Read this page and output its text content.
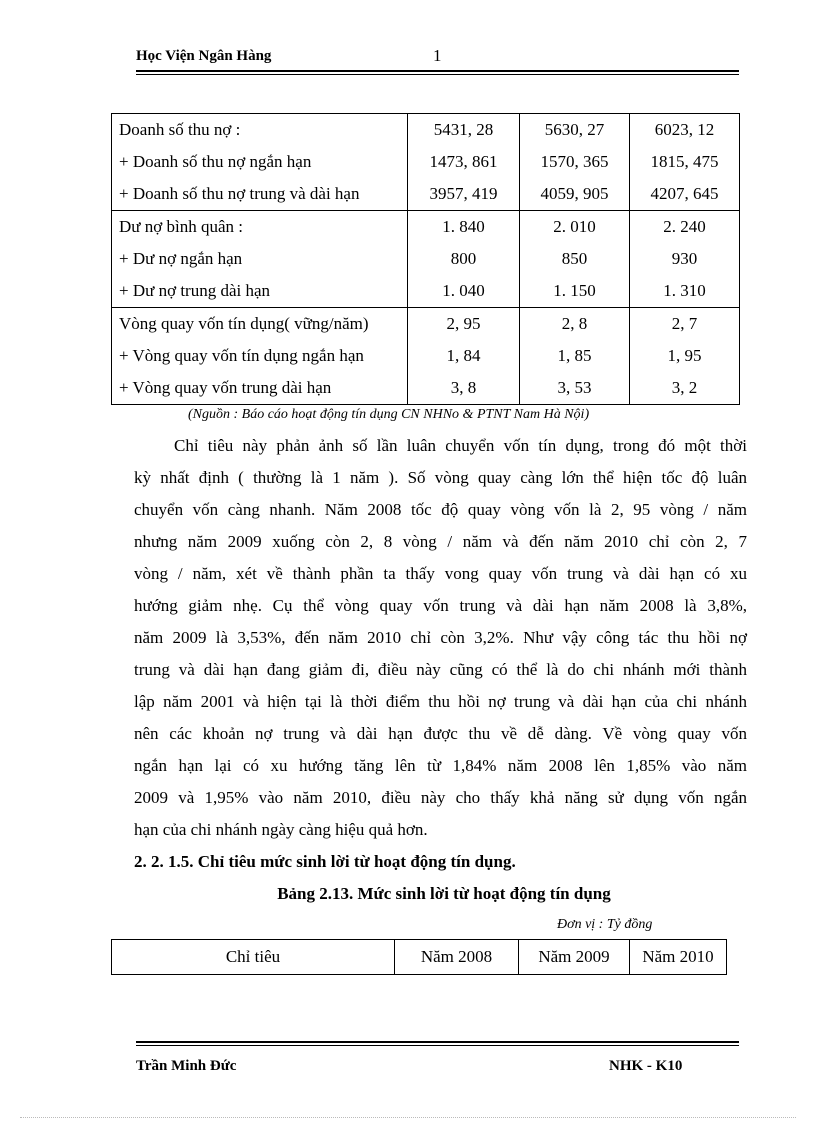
Học Viện Ngân Hàng	1
Doanh số thu nợ :	5431, 28	5630, 27	6023, 12
+ Doanh số thu nợ ngắn hạn	1473, 861	1570, 365	1815, 475
+ Doanh số thu nợ trung và dài hạn	3957, 419	4059, 905	4207, 645
Dư nợ bình quân :	1. 840	2. 010	2. 240
+ Dư nợ ngắn hạn	800	850	930
+ Dư nợ trung dài hạn	1. 040	1. 150	1. 310
Vòng quay vốn tín dụng( vững/năm)	2, 95	2, 8	2, 7
+ Vòng quay vốn tín dụng ngắn hạn	1, 84	1, 85	1, 95
+ Vòng quay vốn trung dài hạn	3, 8	3, 53	3, 2
(Nguồn : Báo cáo hoạt động tín dụng CN NHNo & PTNT Nam Hà Nội)
Chỉ tiêu này phản ảnh số lần luân chuyển vốn tín dụng, trong đó một thời
kỳ nhất định ( thường là 1 năm ). Số vòng quay càng lớn thể hiện tốc độ luân
chuyển vốn càng nhanh. Năm 2008 tốc độ quay vòng vốn là 2, 95 vòng / năm
nhưng năm 2009 xuống còn 2, 8 vòng / năm và đến năm 2010 chỉ còn 2, 7
vòng / năm, xét về thành phần ta thấy vong quay vốn trung và dài hạn có xu
hướng giảm nhẹ. Cụ thể vòng quay vốn trung và dài hạn năm 2008 là 3,8%,
năm 2009 là 3,53%, đến năm 2010 chỉ còn 3,2%. Như vậy công tác thu hồi nợ
trung và dài hạn đang giảm đi, điều này cũng có thể là do chi nhánh mới thành
lập năm 2001 và hiện tại là thời điểm thu hồi nợ trung và dài hạn của chi nhánh
nên các khoản nợ trung và dài hạn được thu về dễ dàng. Về vòng quay vốn
ngắn hạn lại có xu hướng tăng lên từ 1,84% năm 2008 lên 1,85% vào năm
2009 và 1,95% vào năm 2010, điều này cho thấy khả năng sử dụng vốn ngắn
hạn của chi nhánh ngày càng hiệu quả hơn.
2. 2. 1.5. Chỉ tiêu mức sinh lời từ hoạt động tín dụng.
Bảng 2.13. Mức sinh lời từ hoạt động tín dụng
Đơn vị : Tỷ đồng
Chỉ tiêu	Năm 2008	Năm 2009	Năm 2010
Trần Minh Đức	NHK - K10
